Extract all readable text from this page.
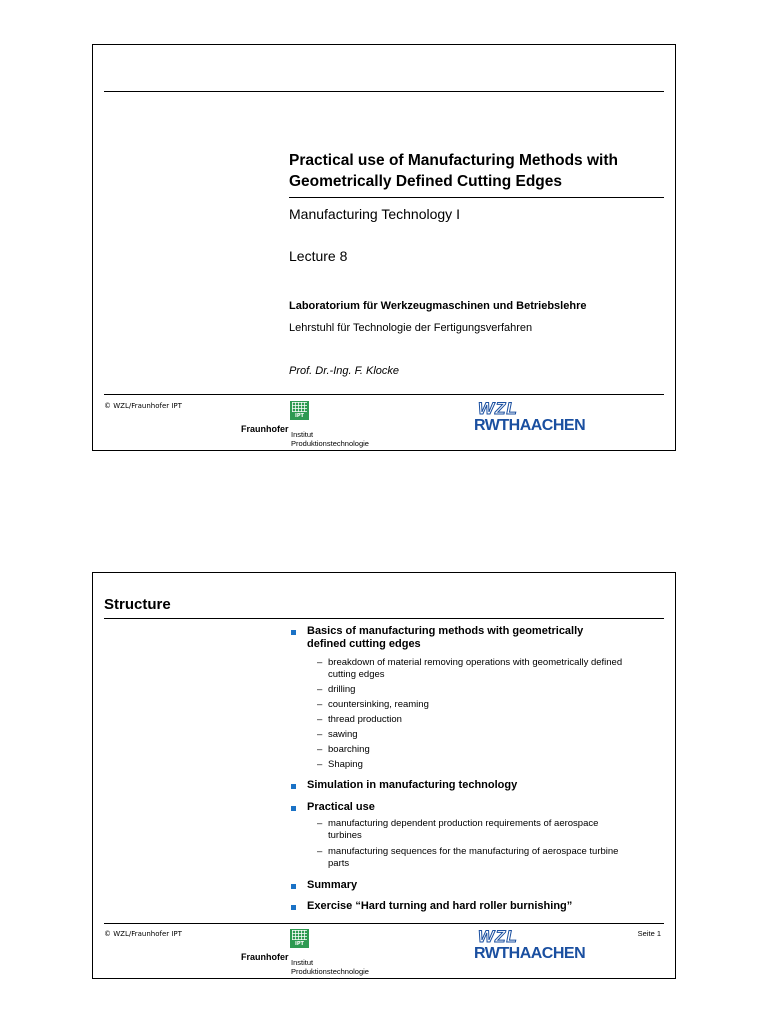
Practical use of Manufacturing Methods with
Geometrically Defined Cutting Edges
Manufacturing Technology I
Lecture 8
Laboratorium für Werkzeugmaschinen und Betriebslehre
Lehrstuhl für Technologie der Fertigungsverfahren
Prof. Dr.-Ing. F. Klocke
© WZL/Fraunhofer IPT
IPT
Fraunhofer
Institut
Produktionstechnologie
WZL
RWTHAACHEN
Structure
Basics of manufacturing methods with geometrically
defined cutting edges
– breakdown of material removing operations with geometrically defined
cutting edges
– drilling
– countersinking, reaming
– thread production
– sawing
– boarching
– Shaping
Simulation in manufacturing technology
Practical use
– manufacturing dependent production requirements of aerospace
turbines
– manufacturing sequences for the manufacturing of aerospace turbine
parts
Summary
Exercise “Hard turning and hard roller burnishing”
© WZL/Fraunhofer IPT	Seite 1
IPT
Fraunhofer
Institut
Produktionstechnologie
WZL
RWTHAACHEN
